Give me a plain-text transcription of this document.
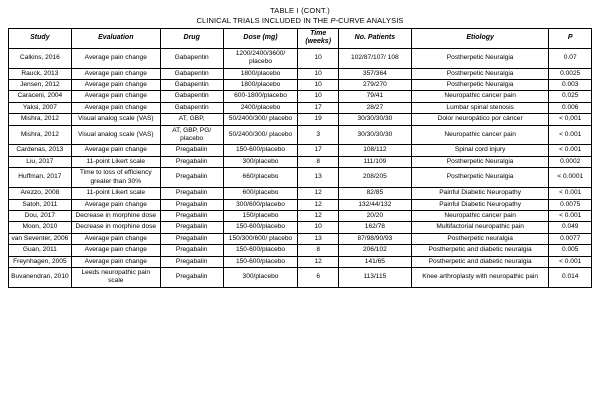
TABLE I (CONT.)
CLINICAL TRIALS INCLUDED IN THE P-CURVE ANALYSIS
Study	Evaluation	Drug	Dose (mg)	Time (weeks)	No. Patients	Etiology	P
Calkins, 2016	Average pain change	Gabapentin	1200/2400/3600/ placebo	10	102/87/107/ 108	Postherpetic Neuralgia	0.07
Rauck, 2013	Average pain change	Gabapentin	1800/placebo	10	357/364	Postherpetic Neuralgia	0.0025
Jensen, 2012	Average pain change	Gabapentin	1800/placebo	10	279/270	Postherpetic Neuralgia	0.003
Caraceni, 2004	Average pain change	Gabapentin	600-1800/placebo	10	79/41	Neuropathic cancer pain	0.025
Yaksi, 2007	Average pain change	Gabapentin	2400/placebo	17	28/27	Lumbar spinal stenosis	0.006
Mishra, 2012	Visual analog scale (VAS)	AT, GBP,	50/2400/300/ placebo	19	30/30/30/30	Dolor neuropático por cáncer	< 0,001
Mishra, 2012	Visual analog scale (VAS)	AT, GBP, PG/ placebo	50/2400/300/ placebo	3	30/30/30/30	Neuropathic cancer pain	< 0.001
Cardenas, 2013	Average pain change	Pregabalin	150-600/placebo	17	108/112	Spinal cord injury	< 0.001
Liu, 2017	11-point Likert scale	Pregabalin	300/placebo	8	111/109	Postherpetic Neuralgia	0.0002
Huffman, 2017	Time to loss of efficiency greater than 30%	Pregabalin	660/placebo	13	208/205	Postherpetic Neuralgia	< 0.0001
Arezzo, 2008	11-point Likert scale	Pregabalin	600/placebo	12	82/85	Painful Diabetic Neuropathy	< 0.001
Satoh, 2011	Average pain change	Pregabalin	300/600/placebo	12	132/44/132	Painful Diabetic Neuropathy	0.0075
Dou, 2017	Decrease in morphine dose	Pregabalin	150/placebo	12	20/20	Neuropathic cancer pain	< 0.001
Moon, 2010	Decrease in morphine dose	Pregabalin	150-600/placebo	10	162/78	Multifactorial neuropathic pain	0.049
van Seventer, 2006	Average pain change	Pregabalin	150/300/600/ placebo	13	87/98/90/93	Postherpetic neuralgia	0.0077
Guan, 2011	Average pain change	Pregabalin	150-600/placebo	8	206/102	Postherpetic and diabetic neuralgia	0.005
Freynhagen, 2005	Average pain change	Pregabalin	150-600/placebo	12	141/65	Postherpetic and diabetic neuralgia	< 0.001
Buvanendran, 2010	Leeds neuropathic pain scale	Pregabalin	300/placebo	6	113/115	Knee arthroplasty with neuropathic pain	0.014
